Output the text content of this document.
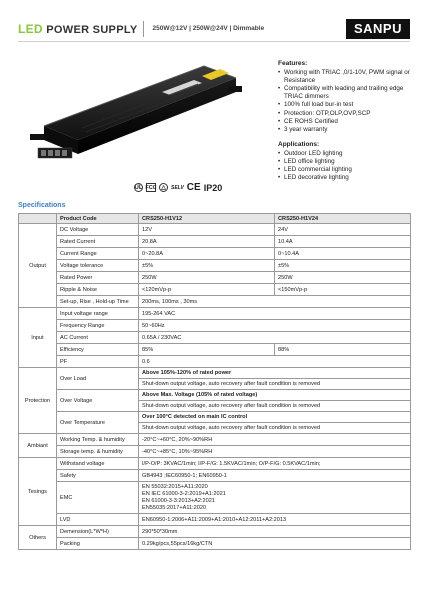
LED POWER SUPPLY 250W@12V | 250W@24V | Dimmable	SANPU
UL FCC △	SELV CE IP20
Features:
• Working with TRIAC ,0/1-10V, PWM signal or Resistance
• Compatibility with leading and trailing edge TRIAC dimmers
• 100% full load bur-in test
• Protection: OTP,OLP,OVP,SCP
• CE ROHS Certified
• 3 year warranty
Applications:
• Outdoor LED lighting
• LED office lighting
• LED commercial lighting
• LED decorative lighting
Specifications
	Product Code	CRS250-H1V12	CRS250-H1V24
Output	DC Voltage	12V	24V
	Rated Current	20.8A	10.4A
	Current Range	0~20.8A	0~10.4A
	Voltage tolerance	±5%	±5%
	Rated Power	250W	250W
	Ripple & Noise	<120mVp-p	<150mVp-p
	Set-up, Rise , Hold-up Time	200ms, 100ms , 30ms	
Input	Input voltage range	195-264 VAC	
	Frequency Range	50~60Hz	
	AC Current	0.65A / 230VAC	
	Efficiency	85%	88%
	PF	0.6	
Protection	Over Load	Above 105%-120% of rated power	
		Shut-down output voltage, auto recovery after fault condition is removed	
	Over Voltage	Above Max. Voltage (105% of rated voltage)	
		Shut-down output voltage, auto recovery after fault condition is removed	
	Over Temperature	Over 100°C detected on main IC control	
		Shut-down output voltage, auto recovery after fault condition is removed	
Ambiant	Working Temp. & humidity	-20°C~+60°C, 20%~90%RH	
	Storage temp. & humidity	-40°C~+85°C, 10%~95%RH	
Tesings	Withstand voltage	I/P-O/P: 3KVAC/1min; I/P-F/G: 1.5KVAC/1min; O/P-F/G: 0.5KVAC/1min;	
	Safety	GB4943 ;IEC60950-1; EN60950-1	
	EMC	EN 55032:2015+A11:2020
EN IEC 61000-3-2:2019+A1:2021
EN 61000-3-3:2013+A2:2021
EN55035:2017+A11:2020	

	LVD	EN60950-1:2006+A11:2009+A1:2010+A12:2011+A2:2013	
Others	Demension(L*W*H)	290*50*30mm	
	Packing	0.29kg/pcs,55pcs/16kg/CTN	
